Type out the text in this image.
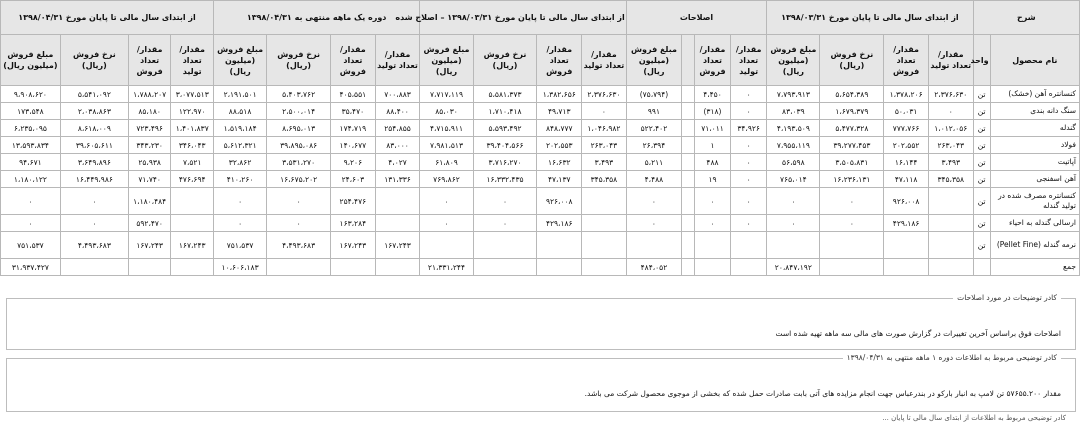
شرح		از ابتدای سال مالی تا پایان مورخ ۱۳۹۸/۰۳/۳۱				اصلاحات				از ابتدای سال مالی تا پایان مورخ ۱۳۹۸/۰۳/۳۱ – اصلاح شده				دوره یک ماهه منتهی به ۱۳۹۸/۰۴/۳۱				از ابتدای سال مالی تا پایان مورخ ۱۳۹۸/۰۴/۳۱			
نام محصول	واحد	مقدار/تعداد تولید	مقدار/تعداد فروش	نرخ فروش (ریال)	مبلغ فروش (میلیون ریال)	مقدار/تعداد تولید	مقدار/تعداد فروش		مبلغ فروش (میلیون ریال)	مقدار/تعداد تولید	مقدار/تعداد فروش	نرخ فروش (ریال)	مبلغ فروش (میلیون ریال)	مقدار/تعداد تولید	مقدار/تعداد فروش	نرخ فروش (ریال)	مبلغ فروش (میلیون ریال)	مقدار/تعداد تولید	مقدار/تعداد فروش	نرخ فروش (ریال)	مبلغ فروش (میلیون ریال)
کنسانتره آهن (خشک)	تن	۲،۳۷۶،۶۳۰	۱،۳۷۸،۲۰۶	۵،۶۵۴،۳۸۹	۷،۷۹۳،۹۱۳	۰	۴،۴۵۰		(۷۵،۷۹۴)	۲،۳۷۶،۶۳۰	۱،۳۸۲،۶۵۶	۵،۵۸۱،۳۷۳	۷،۷۱۷،۱۱۹	۷۰۰،۸۸۳	۴۰۵،۵۵۱	۵،۴۰۳،۷۶۲	۲،۱۹۱،۵۰۱	۳،۰۷۷،۵۱۳	۱،۷۸۸،۲۰۷	۵،۵۴۱،۰۹۲	۹،۹۰۸،۶۲۰
سنگ دانه بندی	تن	۰	۵۰،۰۳۱	۱،۶۷۹،۳۷۹	۸۳،۰۳۹	۰	(۳۱۸)		۹۹۱	۰	۴۹،۷۱۳	۱،۷۱۰،۴۱۸	۸۵،۰۳۰	۸۸،۴۰۰	۳۵،۴۷۰	۲،۵۰۰،۰۱۴	۸۸،۵۱۸	۱۲۲،۹۷۰	۸۵،۱۸۰	۲،۰۳۸،۸۶۳	۱۷۳،۵۴۸
گندله	تن	۱،۰۱۲،۰۵۶	۷۷۷،۷۶۶	۵،۴۷۷،۳۲۸	۴،۱۹۳،۵۰۹	۳۴،۹۲۶	۷۱،۰۱۱		۵۲۲،۴۰۲	۱،۰۴۶،۹۸۲	۸۴۸،۷۷۷	۵،۵۹۳،۴۹۲	۴،۷۱۵،۹۱۱	۲۵۴،۸۵۵	۱۷۴،۷۱۹	۸،۶۹۵،۰۱۳	۱،۵۱۹،۱۸۴	۱،۴۰۱،۸۳۷	۷۲۳،۴۹۶	۸،۶۱۸،۰۰۹	۶،۲۳۵،۰۹۵
فولاد	تن	۲۶۳،۰۴۳	۲۰۲،۵۵۲	۳۹،۲۷۷،۴۵۳	۷،۹۵۵،۱۱۹	۰	۱		۲۶،۳۹۴	۲۶۳،۰۴۳	۲۰۲،۵۵۳	۳۹،۴۰۴،۵۶۶	۷،۹۸۱،۵۱۳	۸۳،۰۰۰	۱۴۰،۶۷۷	۳۹،۸۹۵،۰۸۶	۵،۶۱۲،۳۲۱	۳۴۶،۰۴۳	۳۴۳،۲۳۰	۳۹،۶۰۵،۶۱۱	۱۳،۵۹۳،۸۳۴
آپاتیت	تن	۳،۴۹۳	۱۶،۱۴۴	۳،۵۰۵،۸۳۱	۵۶،۵۹۸	۰	۴۸۸		۵،۲۱۱	۳،۴۹۳	۱۶،۶۳۲	۳،۷۱۶،۲۷۰	۶۱،۸۰۹	۴،۰۲۷	۹،۲۰۶	۳،۵۳۱،۲۷۰	۳۲،۸۶۲	۷،۵۲۱	۲۵،۹۳۸	۳،۶۴۹،۸۹۶	۹۴،۶۷۱
آهن اسفنجی	تن	۳۴۵،۳۵۸	۴۷،۱۱۸	۱۶،۲۳۶،۱۳۱	۷۶۵،۰۱۴	۰	۱۹		۴،۴۸۸	۳۴۵،۳۵۸	۴۷،۱۳۷	۱۶،۳۳۲،۴۳۵	۷۶۹،۸۶۲	۱۳۱،۳۳۶	۲۴،۶۰۳	۱۶،۶۷۵،۲۰۲	۴۱۰،۲۶۰	۴۷۶،۶۹۴	۷۱،۷۴۰	۱۶،۴۴۹،۹۸۶	۱،۱۸۰،۱۲۲
کنسانتره مصرف شده در تولید گندله	تن		۹۲۶،۰۰۸	۰	۰	۰	۰		۰		۹۲۶،۰۰۸	۰	۰		۲۵۴،۴۷۶	۰	۰		۱،۱۸۰،۴۸۴	۰	۰
ارسالی گندله به احیاء	تن		۴۲۹،۱۸۶	۰	۰	۰	۰		۰		۴۲۹،۱۸۶	۰	۰		۱۶۳،۲۸۴	۰	۰		۵۹۲،۴۷۰	۰	۰
نرمه گندله (Pellet Fine)	تن													۱۶۷،۲۴۳	۱۶۷،۲۴۳	۴،۴۹۳،۶۸۳	۷۵۱،۵۳۷	۱۶۷،۲۴۳	۱۶۷،۲۴۳	۴،۴۹۳،۶۸۳	۷۵۱،۵۳۷
جمع					۲۰،۸۴۷،۱۹۲				۴۸۴،۰۵۲				۲۱،۳۳۱،۲۴۴				۱۰،۶۰۶،۱۸۳				۳۱،۹۳۷،۴۲۷
کادر توضیحات در مورد اصلاحات
اصلاحات فوق براساس آخرین تغییرات در گزارش صورت های مالی سه ماهه تهیه شده است
کادر توضیحی مربوط به اطلاعات دوره ۱ ماهه منتهی به ۱۳۹۸/۰۴/۳۱
مقدار ۵۷۶۵۵.۲۰۰ تن لامپ به انبار بارکو در بندرعباس جهت انجام مزایده های آتی بابت صادرات حمل شده که بخشی از موجوی محصول شرکت می باشد.
کادر توضیحی مربوط به اطلاعات از ابتدای سال مالی تا پایان ...
